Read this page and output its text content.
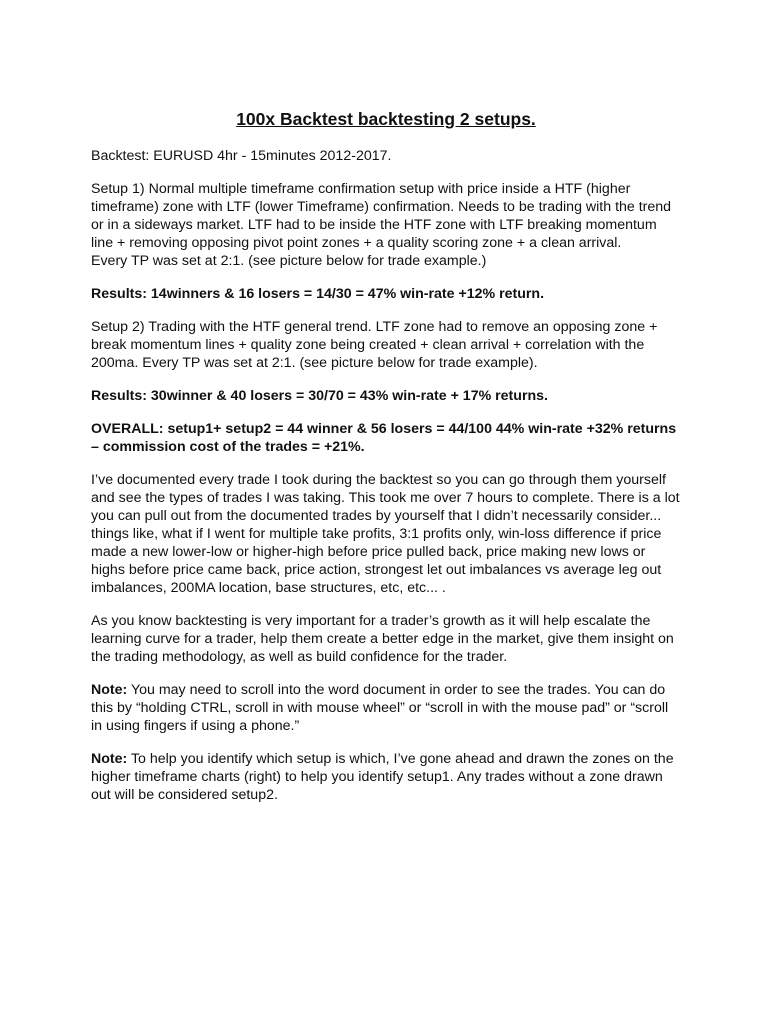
100x Backtest backtesting 2 setups.

Backtest: EURUSD 4hr - 15minutes 2012-2017.

Setup 1) Normal multiple timeframe confirmation setup with price inside a HTF (higher timeframe) zone with LTF (lower Timeframe) confirmation. Needs to be trading with the trend or in a sideways market. LTF had to be inside the HTF zone with LTF breaking momentum line + removing opposing pivot point zones + a quality scoring zone + a clean arrival.
Every TP was set at 2:1. (see picture below for trade example.)

Results: 14winners & 16 losers = 14/30 = 47% win-rate +12% return.

Setup 2) Trading with the HTF general trend. LTF zone had to remove an opposing zone + break momentum lines + quality zone being created + clean arrival + correlation with the 200ma. Every TP was set at 2:1. (see picture below for trade example).

Results: 30winner & 40 losers = 30/70 = 43% win-rate + 17% returns.

OVERALL: setup1+ setup2 = 44 winner & 56 losers = 44/100 44% win-rate +32% returns – commission cost of the trades = +21%.

I’ve documented every trade I took during the backtest so you can go through them yourself and see the types of trades I was taking. This took me over 7 hours to complete. There is a lot you can pull out from the documented trades by yourself that I didn’t necessarily consider...
things like, what if I went for multiple take profits, 3:1 profits only, win-loss difference if price made a new lower-low or higher-high before price pulled back, price making new lows or highs before price came back, price action, strongest let out imbalances vs average leg out imbalances, 200MA location, base structures, etc, etc... .

As you know backtesting is very important for a trader’s growth as it will help escalate the learning curve for a trader, help them create a better edge in the market, give them insight on the trading methodology, as well as build confidence for the trader.

Note: You may need to scroll into the word document in order to see the trades. You can do this by “holding CTRL, scroll in with mouse wheel” or “scroll in with the mouse pad” or “scroll in using fingers if using a phone.”

Note: To help you identify which setup is which, I’ve gone ahead and drawn the zones on the higher timeframe charts (right) to help you identify setup1. Any trades without a zone drawn out will be considered setup2.
